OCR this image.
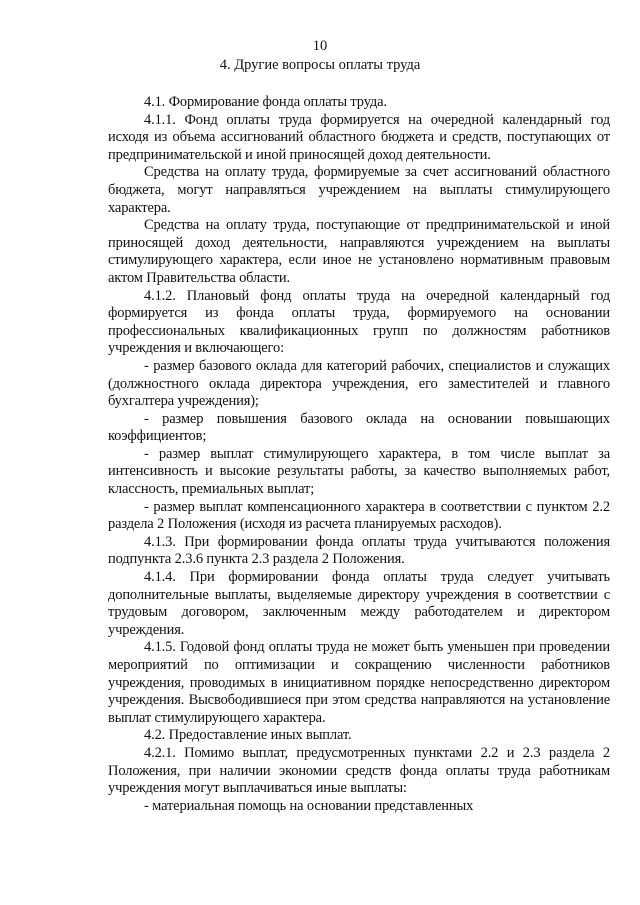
10
4. Другие вопросы оплаты труда

4.1. Формирование фонда оплаты труда.

4.1.1. Фонд оплаты труда формируется на очередной календарный год исходя из объема ассигнований областного бюджета и средств, поступающих от предпринимательской и иной приносящей доход деятельности.

Средства на оплату труда, формируемые за счет ассигнований областного бюджета, могут направляться учреждением на выплаты стимулирующего характера.

Средства на оплату труда, поступающие от предпринимательской и иной приносящей доход деятельности, направляются учреждением на выплаты стимулирующего характера, если иное не установлено нормативным правовым актом Правительства области.

4.1.2. Плановый фонд оплаты труда на очередной календарный год формируется из фонда оплаты труда, формируемого на основании профессиональных квалификационных групп по должностям работников учреждения и включающего:

- размер базового оклада для категорий рабочих, специалистов и служащих (должностного оклада директора учреждения, его заместителей и главного бухгалтера учреждения);

- размер повышения базового оклада на основании повышающих коэффициентов;

- размер выплат стимулирующего характера, в том числе выплат за интенсивность и высокие результаты работы, за качество выполняемых работ, классность, премиальных выплат;

- размер выплат компенсационного характера в соответствии с пунктом 2.2 раздела 2 Положения (исходя из расчета планируемых расходов).

4.1.3. При формировании фонда оплаты труда учитываются положения подпункта 2.3.6 пункта 2.3 раздела 2 Положения.

4.1.4. При формировании фонда оплаты труда следует учитывать дополнительные выплаты, выделяемые директору учреждения в соответствии с трудовым договором, заключенным между работодателем и директором учреждения.

4.1.5. Годовой фонд оплаты труда не может быть уменьшен при проведении мероприятий по оптимизации и сокращению численности работников учреждения, проводимых в инициативном порядке непосредственно директором учреждения. Высвободившиеся при этом средства направляются на установление выплат стимулирующего характера.

4.2. Предоставление иных выплат.

4.2.1. Помимо выплат, предусмотренных пунктами 2.2 и 2.3 раздела 2 Положения, при наличии экономии средств фонда оплаты труда работникам учреждения могут выплачиваться иные выплаты:

- материальная помощь на основании представленных
